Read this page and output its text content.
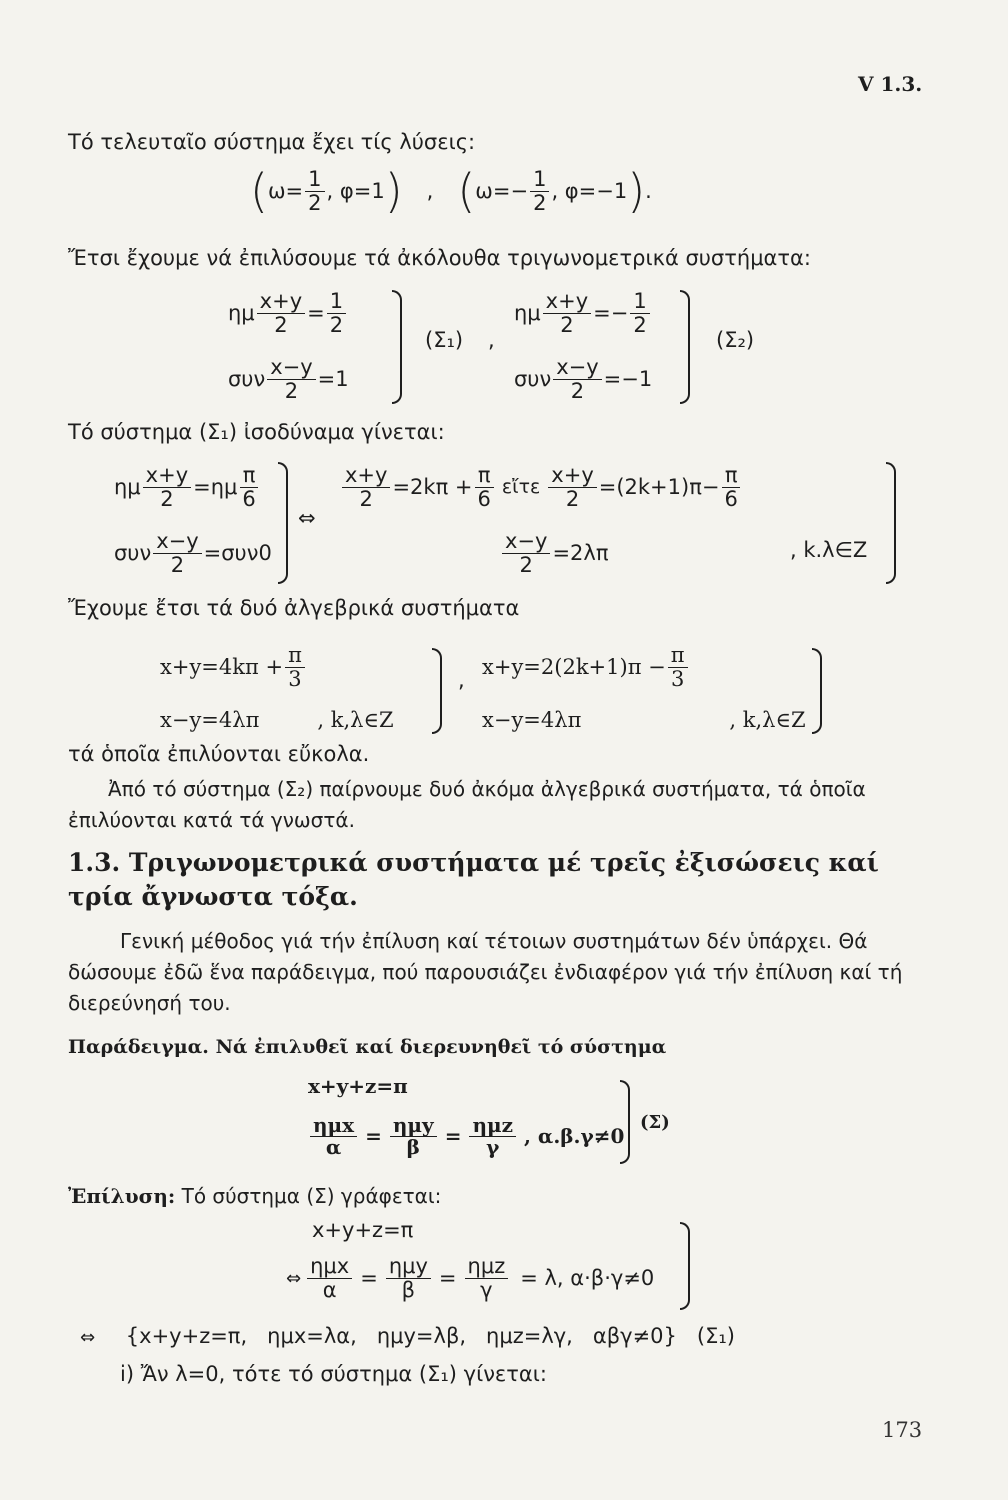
V 1.3.
Τό τελευταῖο σύστημα ἔχει τίς λύσεις:
( $\omega= \frac{1}{2}$ , φ=1 ) , ( $\omega=- \frac{1}{2}$ , φ=−1 ) .
Ἔτσι ἔχουμε νά ἐπιλύσουμε τά ἀκόλουθα τριγωνομετρικά συστήματα:
ημ $\frac{x+y}{2} = \frac{1}{2}$
συν $\frac{x-y}{2} =1$
(Σ₁) ,
ημ $\frac{x+y}{2} =- \frac{1}{2}$
συν $\frac{x-y}{2} =-1$
(Σ₂)
Τό σύστημα (Σ₁) ἰσοδύναμα γίνεται:
ημ $\frac{x+y}{2} =\eta\mu \frac{\pi}{6}$
συν $\frac{x-y}{2} =\sigma\upsilon\nu 0$
⇔
$\frac{x+y}{2} =2k\pi + \frac{\pi}{6}$ εἴτε $\frac{x+y}{2} =(2k+1)\pi- \frac{\pi}{6}$
$\frac{x-y}{2} =2\lambda\pi$	, k.λ∈Z
Ἔχουμε ἔτσι τά δυό ἀλγεβρικά συστήματα
$x+y=4k\pi + \frac{\pi}{3}$
x−y=4λπ	, k,λ∈Z
,
$x+y=2(2k+1)\pi - \frac{\pi}{3}$
x−y=4λπ	, k,λ∈Z
τά ὁποῖα ἐπιλύονται εὔκολα.
Ἀπό τό σύστημα (Σ₂) παίρνουμε δυό ἀκόμα ἀλγεβρικά συστήματα, τά ὁποῖα ἐπιλύονται κατά τά γνωστά.
1.3. Τριγωνομετρικά συστήματα μέ τρεῖς ἐξισώσεις καί τρία ἄγνωστα τόξα.
Γενική μέθοδος γιά τήν ἐπίλυση καί τέτοιων συστημάτων δέν ὑπάρχει. Θά δώσουμε ἐδῶ ἕνα παράδειγμα, πού παρουσιάζει ἐνδιαφέρον γιά τήν ἐπίλυση καί τή διερεύνησή του.
Παράδειγμα. Νά ἐπιλυθεῖ καί διερευνηθεῖ τό σύστημα
x+y+z=π
$\frac{\text{ημx}}{\alpha} = \frac{\text{ημy}}{\beta} = \frac{\text{ημz}}{\gamma}$ , α.β.γ≠0
(Σ)
Ἐπίλυση: Τό σύστημα (Σ) γράφεται:
x+y+z=π
⇔ $\frac{\text{ημx}}{\alpha} = \frac{\text{ημy}}{\beta} = \frac{\text{ημz}}{\gamma} = \lambda$, α·β·γ≠0
⇔ {x+y+z=π,   ημx=λα,   ημy=λβ,   ημz=λγ,   αβγ≠0}   (Σ₁)
i) Ἄν λ=0, τότε τό σύστημα (Σ₁) γίνεται:
173
